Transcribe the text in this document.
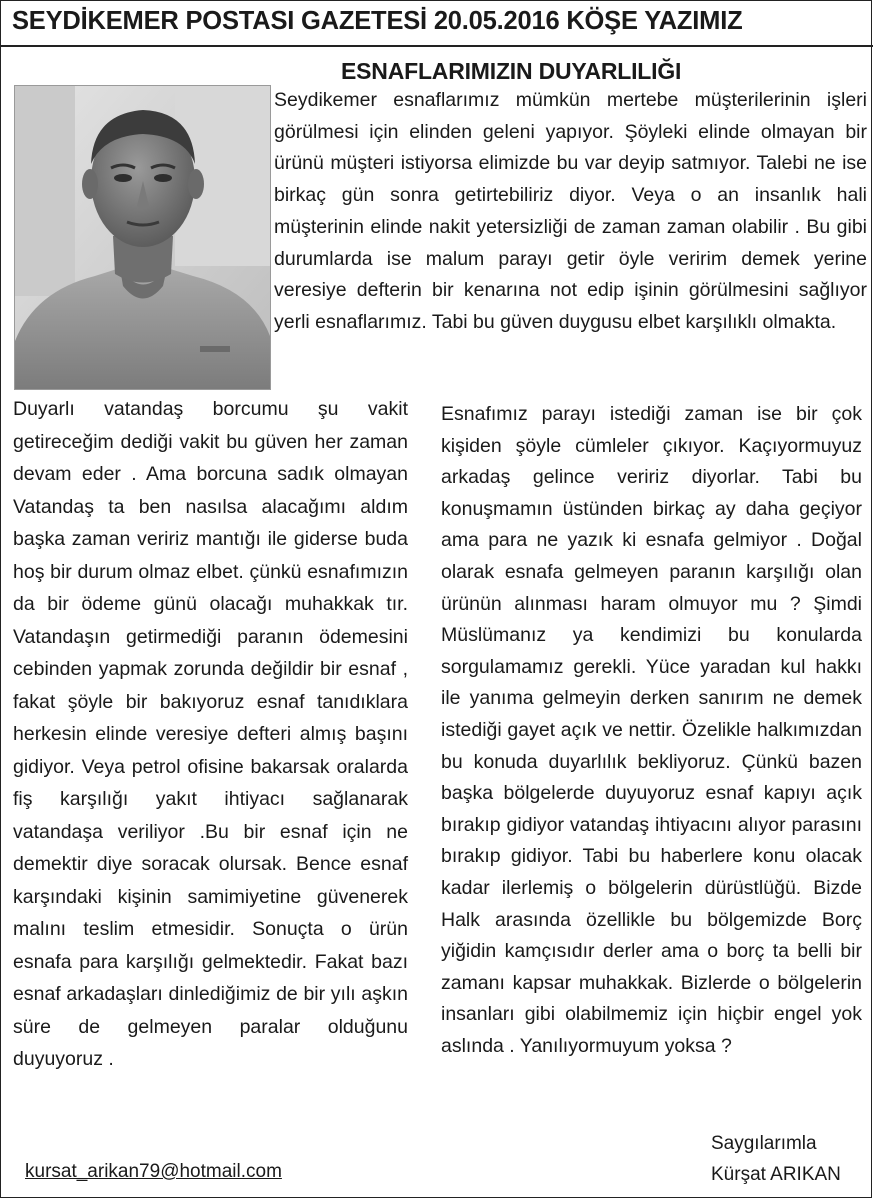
SEYDİKEMER POSTASI GAZETESİ 20.05.2016 KÖŞE YAZIMIZ
ESNAFLARIMIZIN DUYARLILIĞI
Seydikemer esnaflarımız mümkün mertebe müşterilerinin işleri görülmesi için elinden geleni yapıyor. Şöyleki elinde olmayan bir ürünü müşteri istiyorsa elimizde bu var deyip satmıyor. Talebi ne ise birkaç gün sonra getirtebiliriz diyor. Veya o an insanlık hali müşterinin elinde nakit yetersizliği de zaman zaman olabilir . Bu gibi durumlarda ise malum parayı getir öyle veririm demek yerine veresiye defterin bir kenarına not edip işinin görülmesini sağlıyor yerli esnaflarımız. Tabi bu güven duygusu elbet karşılıklı olmakta.
Duyarlı vatandaş borcumu şu vakit getireceğim dediği vakit bu güven her zaman devam eder . Ama borcuna sadık olmayan Vatandaş ta ben nasılsa alacağımı aldım başka zaman veririz mantığı ile giderse buda hoş bir durum olmaz elbet. çünkü esnafımızın da bir ödeme günü olacağı muhakkak tır. Vatandaşın getirmediği paranın ödemesini cebinden yapmak zorunda değildir bir esnaf , fakat şöyle bir bakıyoruz esnaf tanıdıklara herkesin elinde veresiye defteri almış başını gidiyor. Veya petrol ofisine bakarsak oralarda fiş karşılığı yakıt ihtiyacı sağlanarak vatandaşa veriliyor .Bu bir esnaf için ne demektir diye soracak olursak. Bence esnaf karşındaki kişinin samimiyetine güvenerek malını teslim etmesidir. Sonuçta o ürün esnafa para karşılığı gelmektedir. Fakat bazı esnaf arkadaşları dinlediğimiz de bir yılı aşkın süre de gelmeyen paralar olduğunu duyuyoruz .
Esnafımız parayı istediği zaman ise bir çok kişiden şöyle cümleler çıkıyor. Kaçıyormuyuz arkadaş gelince veririz diyorlar. Tabi bu konuşmamın üstünden birkaç ay daha geçiyor ama para ne yazık ki esnafa gelmiyor . Doğal olarak esnafa gelmeyen paranın karşılığı olan ürünün alınması haram olmuyor mu ? Şimdi Müslümanız ya kendimizi bu konularda sorgulamamız gerekli. Yüce yaradan kul hakkı ile yanıma gelmeyin derken sanırım ne demek istediği gayet açık ve nettir. Özelikle halkımızdan bu konuda duyarlılık bekliyoruz. Çünkü bazen başka bölgelerde duyuyoruz esnaf kapıyı açık bırakıp gidiyor vatandaş ihtiyacını alıyor parasını bırakıp gidiyor. Tabi bu haberlere konu olacak kadar ilerlemiş o bölgelerin dürüstlüğü. Bizde Halk arasında özellikle bu bölgemizde Borç yiğidin kamçısıdır derler ama o borç ta belli bir zamanı kapsar muhakkak. Bizlerde o bölgelerin insanları gibi olabilmemiz için hiçbir engel yok aslında . Yanılıyormuyum yoksa ?
Saygılarımla
Kürşat ARIKAN
kursat_arikan79@hotmail.com
